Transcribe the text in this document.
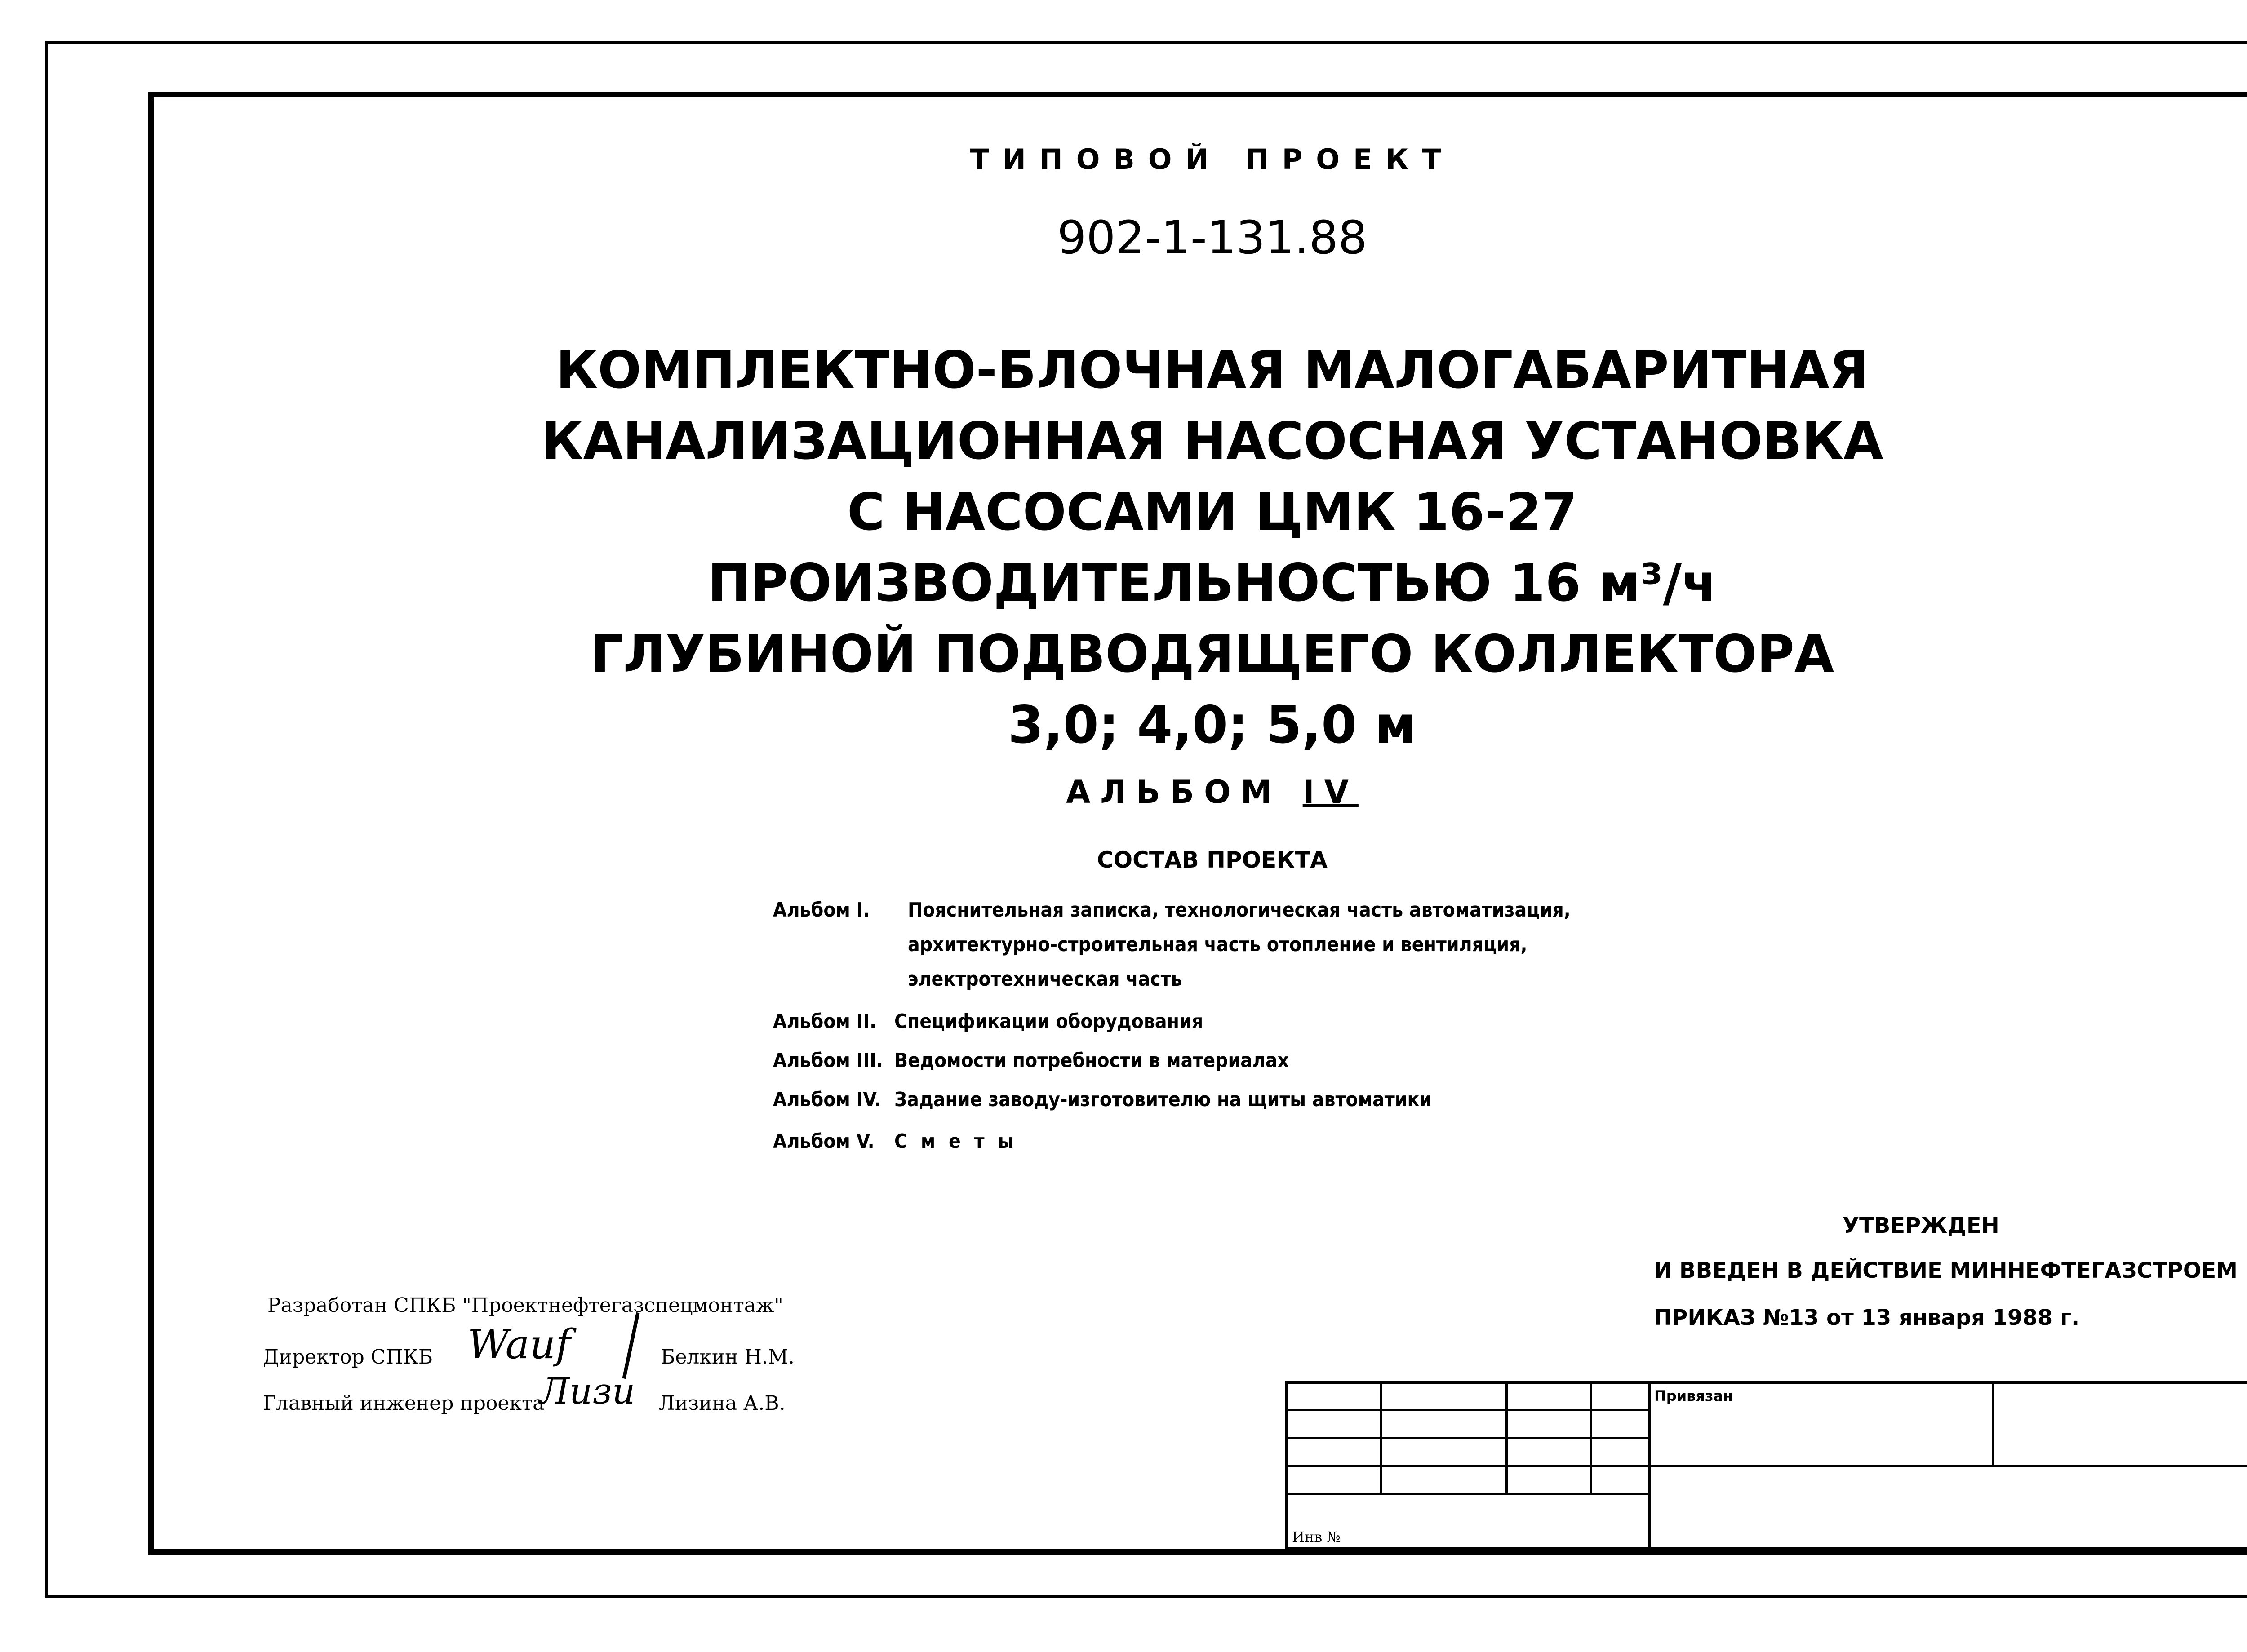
ТИПОВОЙ ПРОЕКТ
902-1-131.88
КОМПЛЕКТНО-БЛОЧНАЯ МАЛОГАБАРИТНАЯ
КАНАЛИЗАЦИОННАЯ НАСОСНАЯ УСТАНОВКА
С НАСОСАМИ ЦМК 16-27
ПРОИЗВОДИТЕЛЬНОСТЬЮ 16 м³/ч
ГЛУБИНОЙ ПОДВОДЯЩЕГО КОЛЛЕКТОРА
3,0; 4,0; 5,0 м
АЛЬБОМ IV
СОСТАВ ПРОЕКТА
Альбом I. Пояснительная записка, технологическая часть автоматизация,
архитектурно-строительная часть отопление и вентиляция,
электротехническая часть
Альбом II. Спецификации оборудования
Альбом III. Ведомости потребности в материалах
Альбом IV. Задание заводу-изготовителю на щиты автоматики
Альбом V. С м е т ы
УТВЕРЖДЕН
И ВВЕДЕН В ДЕЙСТВИЕ МИННЕФТЕГАЗСТРОЕМ
ПРИКАЗ №13 от 13 января 1988 г.
Разработан СПКБ "Проектнефтегазспецмонтаж"
Директор СПКБ Wauf	Белкин Н.М.
Главный инженер проекта
Лизи Лизина А.В.

				Привязан	

Инв №					
